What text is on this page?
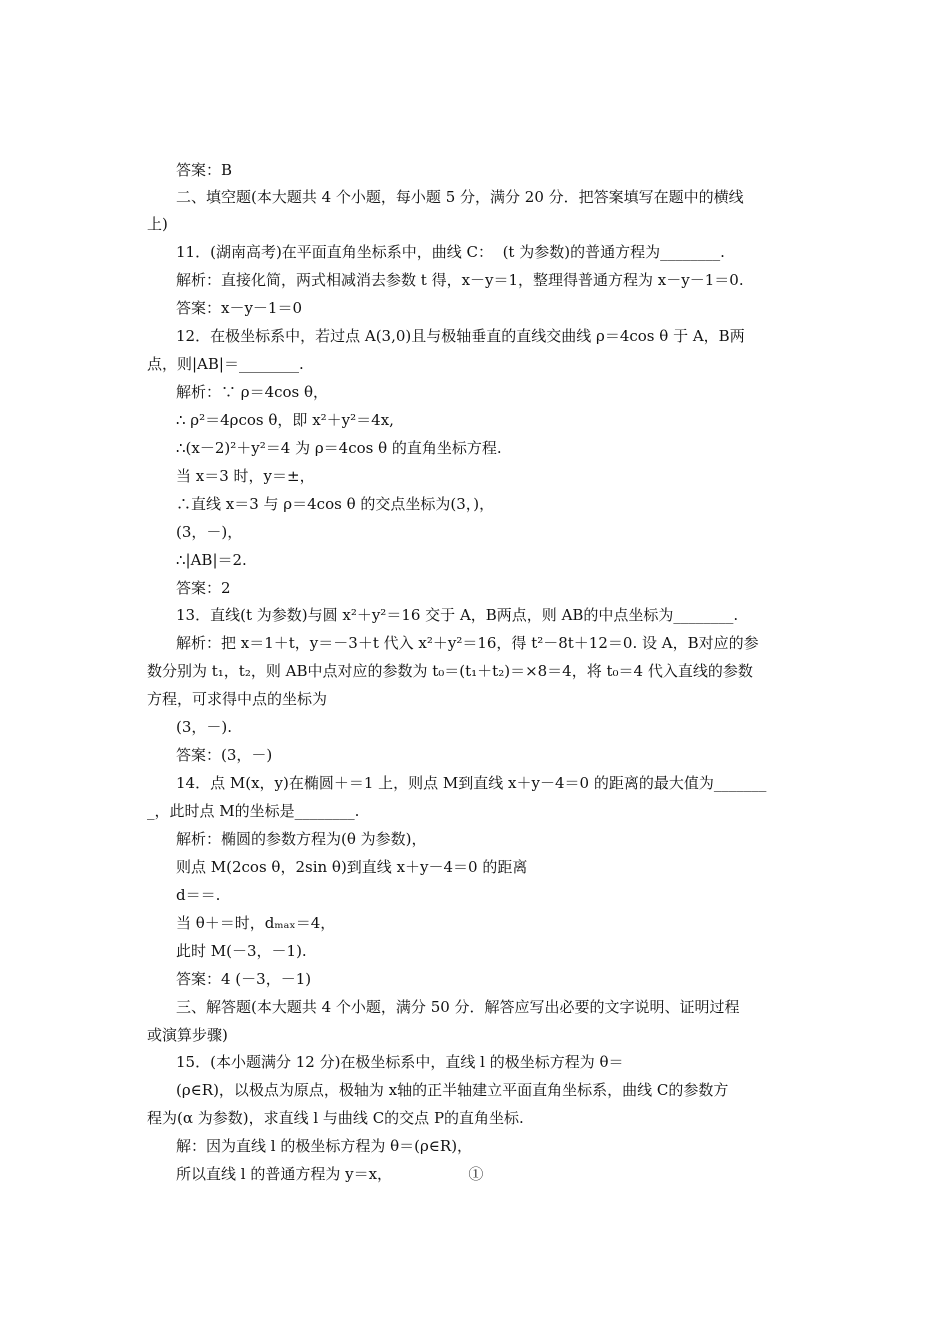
答案：B

二、填空题(本大题共 4 个小题，每小题 5 分，满分 20 分．把答案填写在题中的横线

上)

11．(湖南高考)在平面直角坐标系中，曲线 C：  (t 为参数)的普通方程为________.

解析：直接化简，两式相减消去参数 t 得，x－y＝1，整理得普通方程为 x－y－1＝0.

答案：x－y－1＝0

12．在极坐标系中，若过点 A(3,0)且与极轴垂直的直线交曲线 ρ＝4cos θ 于 A，B两

点，则|AB|＝________.

解析：∵ ρ＝4cos θ，

∴ ρ²＝4ρcos θ，即 x²＋y²＝4x,

∴(x－2)²＋y²＝4 为 ρ＝4cos θ 的直角坐标方程.

当 x＝3 时，y＝±，

∴直线 x＝3 与 ρ＝4cos θ 的交点坐标为(3，)，

(3，－)，

∴|AB|＝2.

答案：2

13．直线(t 为参数)与圆 x²＋y²＝16 交于 A，B两点，则 AB的中点坐标为________.

解析：把 x＝1＋t，y＝－3＋t 代入 x²＋y²＝16，得 t²－8t＋12＝0. 设 A，B对应的参

数分别为 t₁，t₂，则 AB中点对应的参数为 t₀＝(t₁＋t₂)＝×8＝4，将 t₀＝4 代入直线的参数

方程，可求得中点的坐标为

(3，－).

答案：(3，－)

14．点 M(x，y)在椭圆＋＝1 上，则点 M到直线 x＋y－4＝0 的距离的最大值为_______

_，此时点 M的坐标是________.

解析：椭圆的参数方程为(θ 为参数)，

则点 M(2cos θ，2sin θ)到直线 x＋y－4＝0 的距离

d＝＝.

当 θ＋＝时，dₘₐₓ＝4，

此时 M(－3，－1).

答案：4 (－3，－1)

三、解答题(本大题共 4 个小题，满分 50 分．解答应写出必要的文字说明、证明过程

或演算步骤)

15．(本小题满分 12 分)在极坐标系中，直线 l 的极坐标方程为 θ＝

(ρ∈R)，以极点为原点，极轴为 x轴的正半轴建立平面直角坐标系，曲线 C的参数方

程为(α 为参数)，求直线 l 与曲线 C的交点 P的直角坐标.

解：因为直线 l 的极坐标方程为 θ＝(ρ∈R)，

所以直线 l 的普通方程为 y＝x，                ①
